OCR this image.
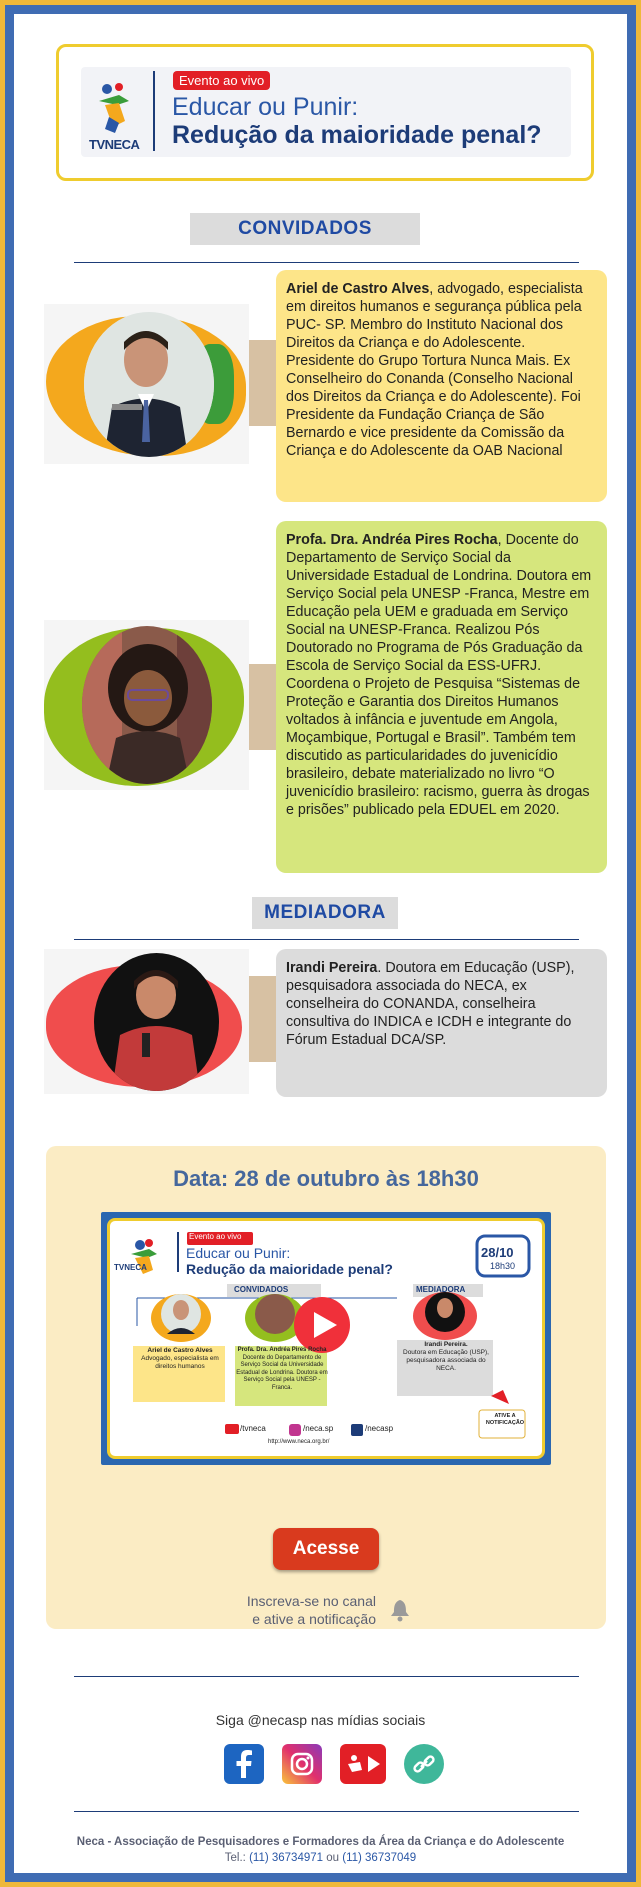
TVNECA
Evento ao vivo
Educar ou Punir:
Redução da maioridade penal?
CONVIDADOS
Ariel de Castro Alves, advogado, especialista em direitos humanos e segurança pública pela PUC- SP. Membro do Instituto Nacional dos Direitos da Criança e do Adolescente. Presidente do Grupo Tortura Nunca Mais. Ex Conselheiro do Conanda (Conselho Nacional dos Direitos da Criança e do Adolescente). Foi Presidente da Fundação Criança de São Bernardo e vice presidente da Comissão da Criança e do Adolescente da OAB Nacional
Profa. Dra. Andréa Pires Rocha, Docente do Departamento de Serviço Social da Universidade Estadual de Londrina. Doutora em Serviço Social pela UNESP -Franca, Mestre em Educação pela UEM e graduada em Serviço Social na UNESP-Franca. Realizou Pós Doutorado no Programa de Pós Graduação da Escola de Serviço Social da ESS-UFRJ. Coordena o Projeto de Pesquisa “Sistemas de Proteção e Garantia dos Direitos Humanos voltados à infância e juventude em Angola, Moçambique, Portugal e Brasil”. Também tem discutido as particularidades do juvenicídio brasileiro, debate materializado no livro “O juvenicídio brasileiro: racismo, guerra às drogas e prisões” publicado pela EDUEL em 2020.
MEDIADORA
Irandi Pereira. Doutora em Educação (USP), pesquisadora associada do NECA, ex conselheira do CONANDA, conselheira consultiva do INDICA e ICDH e integrante do Fórum Estadual DCA/SP.
Data: 28 de outubro às 18h30
Evento ao vivo
Educar ou Punir:
Redução da maioridade penal?
TVNECA
28/10
18h30
CONVIDADOS	MEDIADORA
Ariel de Castro Alves
Advogado, especialista em direitos humanos
Profa. Dra. Andréa Pires Rocha
Docente do Departamento de Serviço Social da Universidade Estadual de Londrina. Doutora em Serviço Social pela UNESP - Franca.
Irandi Pereira.
Doutora em Educação (USP), pesquisadora associada do NECA.
/tvneca	/neca.sp	/necasp
http://www.neca.org.br/
ATIVE A NOTIFICAÇÃO
Acesse
Inscreva-se no canal
e ative a notificação
Siga @necasp nas mídias sociais
Neca - Associação de Pesquisadores e Formadores da Área da Criança e do Adolescente
Tel.: (11) 36734971 ou (11) 36737049
